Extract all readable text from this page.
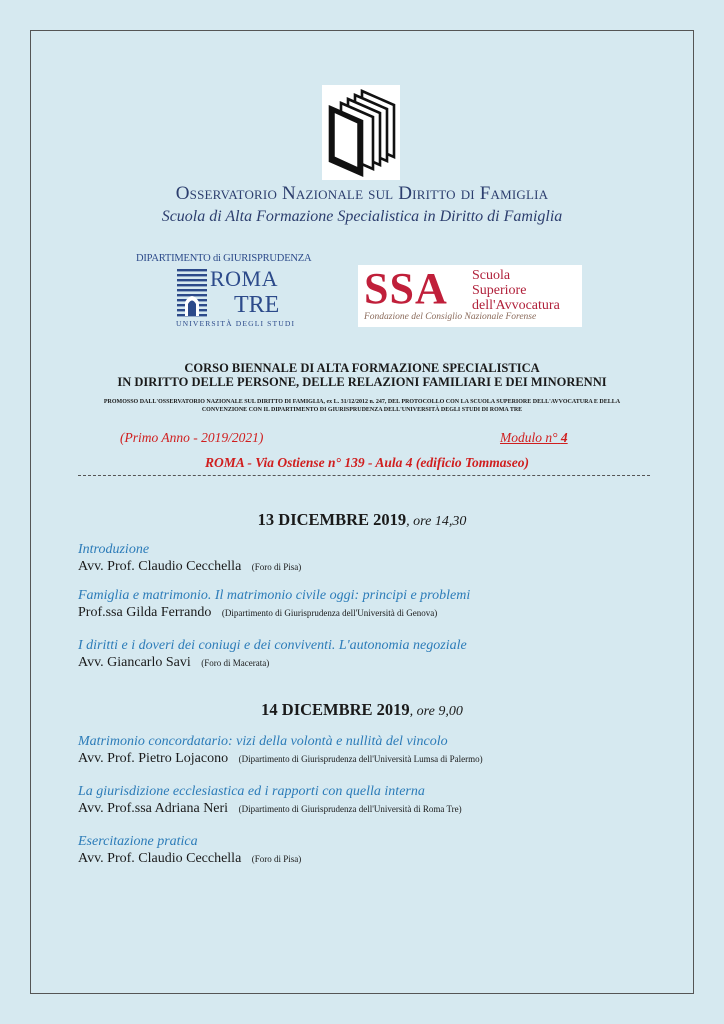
Osservatorio Nazionale sul Diritto di Famiglia
Scuola di Alta Formazione Specialistica in Diritto di Famiglia
DIPARTIMENTO di GIURISPRUDENZA
ROMA
TRE
UNIVERSITÀ DEGLI STUDI
SSA Scuola
Superiore
dell'Avvocatura
Fondazione del Consiglio Nazionale Forense
CORSO BIENNALE DI ALTA FORMAZIONE SPECIALISTICA
IN DIRITTO DELLE PERSONE, DELLE RELAZIONI FAMILIARI E DEI MINORENNI
PROMOSSO DALL'OSSERVATORIO NAZIONALE SUL DIRITTO DI FAMIGLIA, ex L. 31/12/2012 n. 247, DEL PROTOCOLLO CON LA SCUOLA SUPERIORE DELL'AVVOCATURA E DELLA CONVENZIONE CON IL DIPARTIMENTO DI GIURISPRUDENZA DELL'UNIVERSITÀ DEGLI STUDI DI ROMA TRE
(Primo Anno - 2019/2021)	Modulo n° 4
ROMA - Via Ostiense n° 139 - Aula 4 (edificio Tommaseo)
13 DICEMBRE 2019, ore 14,30
Introduzione
Avv. Prof. Claudio Cecchella (Foro di Pisa)
Famiglia e matrimonio. Il matrimonio civile oggi: principi e problemi
Prof.ssa Gilda Ferrando (Dipartimento di Giurisprudenza dell'Università di Genova)
I diritti e i doveri dei coniugi e dei conviventi. L'autonomia negoziale
Avv. Giancarlo Savi (Foro di Macerata)
14 DICEMBRE 2019, ore 9,00
Matrimonio concordatario: vizi della volontà e nullità del vincolo
Avv. Prof. Pietro Lojacono (Dipartimento di Giurisprudenza dell'Università Lumsa di Palermo)
La giurisdizione ecclesiastica ed i rapporti con quella interna
Avv. Prof.ssa Adriana Neri (Dipartimento di Giurisprudenza dell'Università di Roma Tre)
Esercitazione pratica
Avv. Prof. Claudio Cecchella (Foro di Pisa)
